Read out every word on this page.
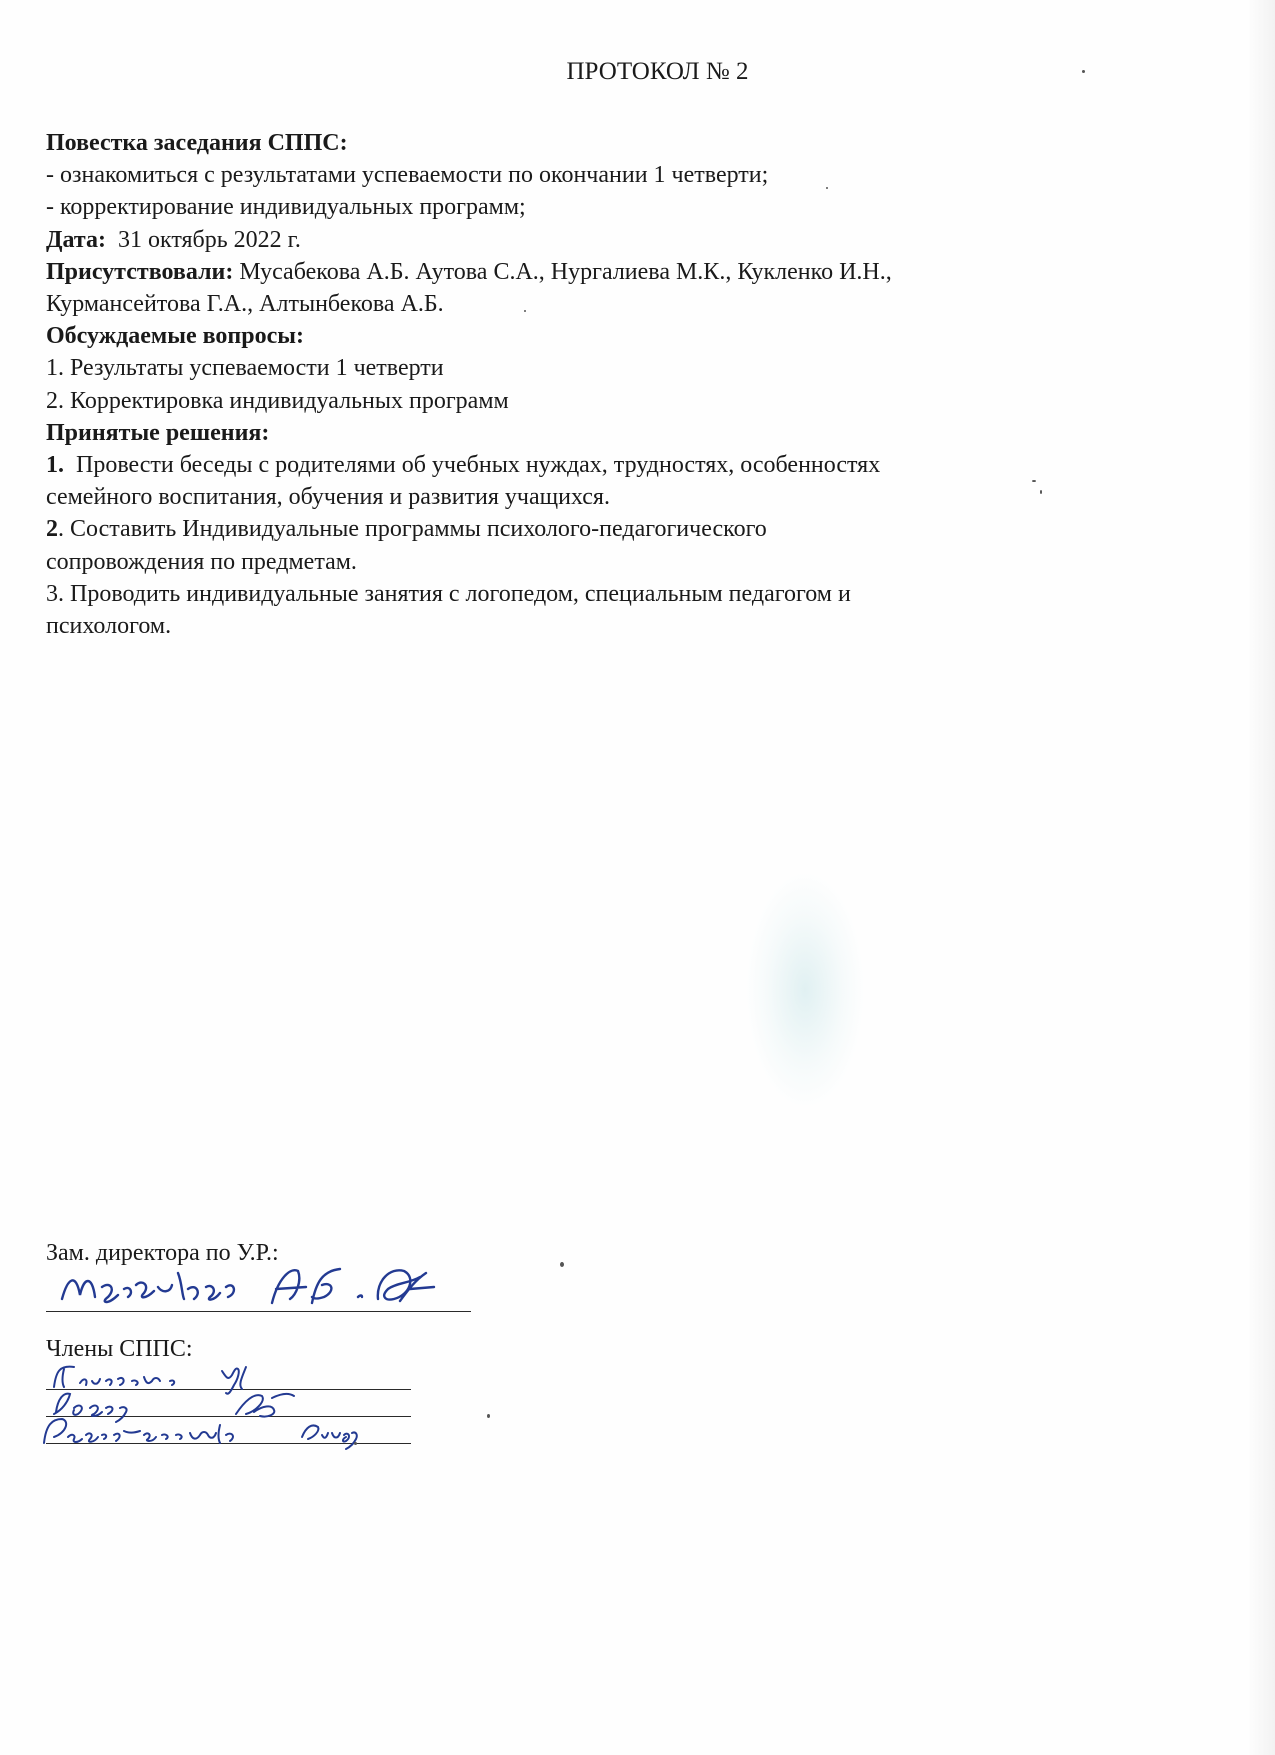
ПРОТОКОЛ № 2

Повестка заседания СППС:

- ознакомиться с результатами успеваемости по окончании 1 четверти;

- корректирование индивидуальных программ;

Дата: 31 октябрь 2022 г.

Присутствовали: Мусабекова А.Б. Аутова С.А., Нургалиева М.К., Кукленко И.Н.,

Курмансейтова Г.А., Алтынбекова А.Б.

Обсуждаемые вопросы:

1. Результаты успеваемости 1 четверти

2. Корректировка индивидуальных программ

Принятые решения:

1. Провести беседы с родителями об учебных нуждах, трудностях, особенностях

семейного воспитания, обучения и развития учащихся.

2. Составить Индивидуальные программы психолого-педагогического

сопровождения по предметам.

3. Проводить индивидуальные занятия с логопедом, специальным педагогом и

психологом.

Зам. директора по У.Р.:
Члены СППС:
